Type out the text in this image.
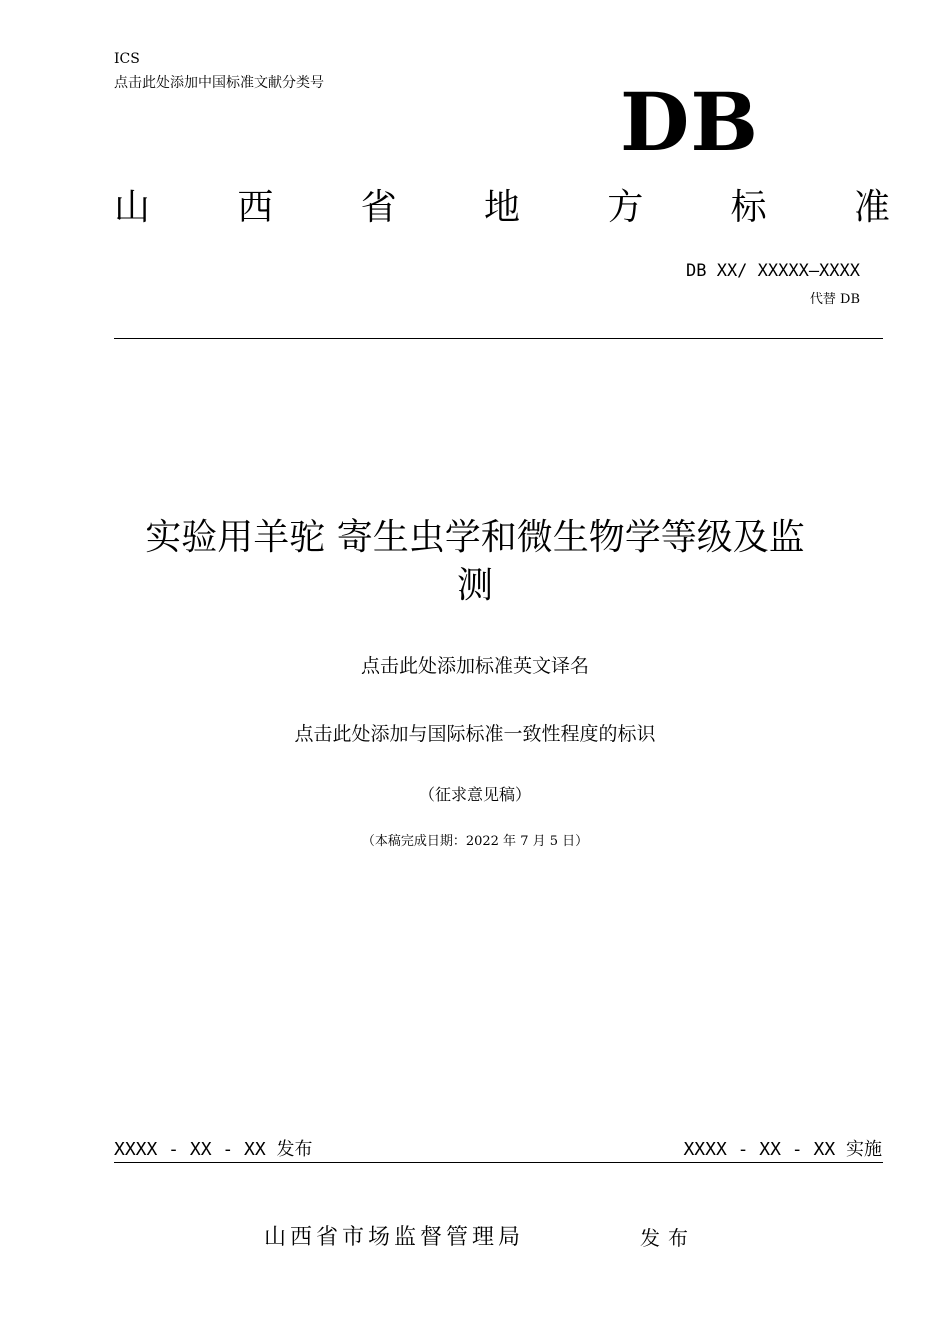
ICS
点击此处添加中国标准文献分类号	DB
山 西 省 地 方 标 准
DB XX/ XXXXX—XXXX
代替 DB
实验用羊驼 寄生虫学和微生物学等级及监
测
点击此处添加标准英文译名
点击此处添加与国际标准一致性程度的标识
（征求意见稿）
（本稿完成日期：2022 年 7 月 5 日）
XXXX - XX - XX 发布	XXXX - XX - XX 实施
山西省市场监督管理局	发布
